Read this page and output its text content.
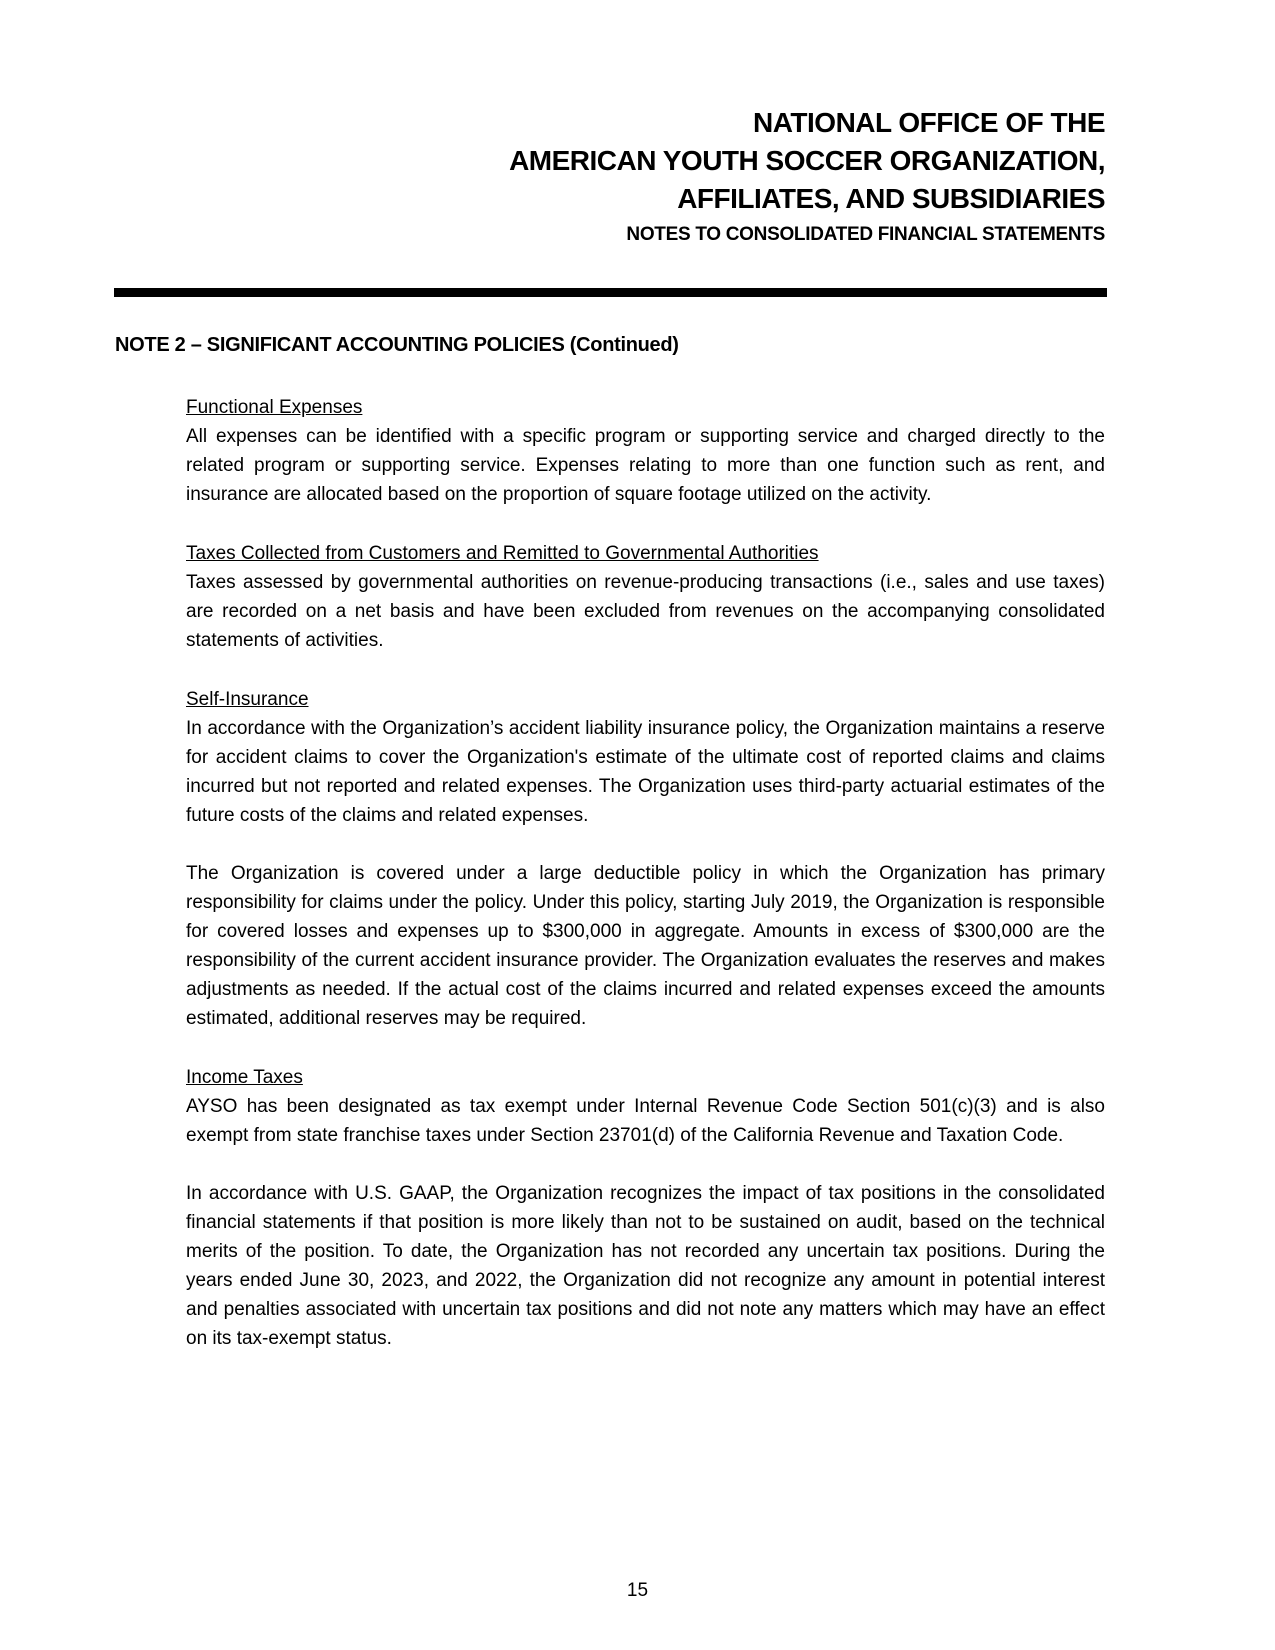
NATIONAL OFFICE OF THE
AMERICAN YOUTH SOCCER ORGANIZATION,
AFFILIATES, AND SUBSIDIARIES
NOTES TO CONSOLIDATED FINANCIAL STATEMENTS
NOTE 2 – SIGNIFICANT ACCOUNTING POLICIES (Continued)
Functional Expenses

All expenses can be identified with a specific program or supporting service and charged directly to the related program or supporting service. Expenses relating to more than one function such as rent, and insurance are allocated based on the proportion of square footage utilized on the activity.

Taxes Collected from Customers and Remitted to Governmental Authorities

Taxes assessed by governmental authorities on revenue-producing transactions (i.e., sales and use taxes) are recorded on a net basis and have been excluded from revenues on the accompanying consolidated statements of activities.

Self-Insurance

In accordance with the Organization’s accident liability insurance policy, the Organization maintains a reserve for accident claims to cover the Organization's estimate of the ultimate cost of reported claims and claims incurred but not reported and related expenses. The Organization uses third-party actuarial estimates of the future costs of the claims and related expenses.

The Organization is covered under a large deductible policy in which the Organization has primary responsibility for claims under the policy. Under this policy, starting July 2019, the Organization is responsible for covered losses and expenses up to $300,000 in aggregate. Amounts in excess of $300,000 are the responsibility of the current accident insurance provider. The Organization evaluates the reserves and makes adjustments as needed. If the actual cost of the claims incurred and related expenses exceed the amounts estimated, additional reserves may be required.

Income Taxes

AYSO has been designated as tax exempt under Internal Revenue Code Section 501(c)(3) and is also exempt from state franchise taxes under Section 23701(d) of the California Revenue and Taxation Code.

In accordance with U.S. GAAP, the Organization recognizes the impact of tax positions in the consolidated financial statements if that position is more likely than not to be sustained on audit, based on the technical merits of the position. To date, the Organization has not recorded any uncertain tax positions. During the years ended June 30, 2023, and 2022, the Organization did not recognize any amount in potential interest and penalties associated with uncertain tax positions and did not note any matters which may have an effect on its tax-exempt status.

15
